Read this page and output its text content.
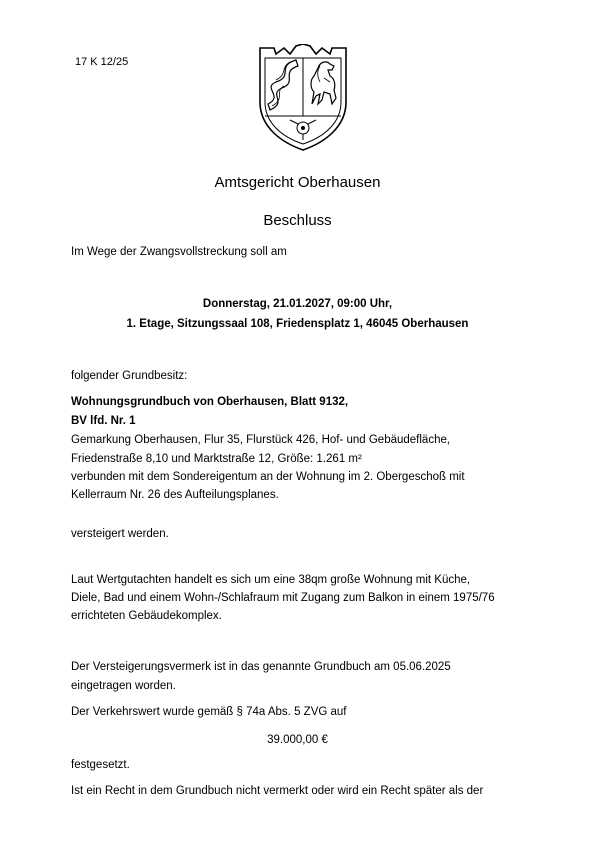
17 K 12/25
Amtsgericht Oberhausen
Beschluss
Im Wege der Zwangsvollstreckung soll am
Donnerstag, 21.01.2027, 09:00 Uhr,
1. Etage, Sitzungssaal 108, Friedensplatz 1, 46045 Oberhausen
folgender Grundbesitz:
Wohnungsgrundbuch von Oberhausen, Blatt 9132,
BV lfd. Nr. 1
Gemarkung Oberhausen, Flur 35, Flurstück 426, Hof- und Gebäudefläche,
Friedenstraße 8,10 und Marktstraße 12, Größe: 1.261 m²
verbunden mit dem Sondereigentum an der Wohnung im 2. Obergeschoß mit
Kellerraum Nr. 26 des Aufteilungsplanes.
versteigert werden.
Laut Wertgutachten handelt es sich um eine 38qm große Wohnung mit Küche,
Diele, Bad und einem Wohn-/Schlafraum mit Zugang zum Balkon in einem 1975/76
errichteten Gebäudekomplex.
Der Versteigerungsvermerk ist in das genannte Grundbuch am 05.06.2025
eingetragen worden.
Der Verkehrswert wurde gemäß § 74a Abs. 5 ZVG auf
39.000,00 €
festgesetzt.
Ist ein Recht in dem Grundbuch nicht vermerkt oder wird ein Recht später als der
